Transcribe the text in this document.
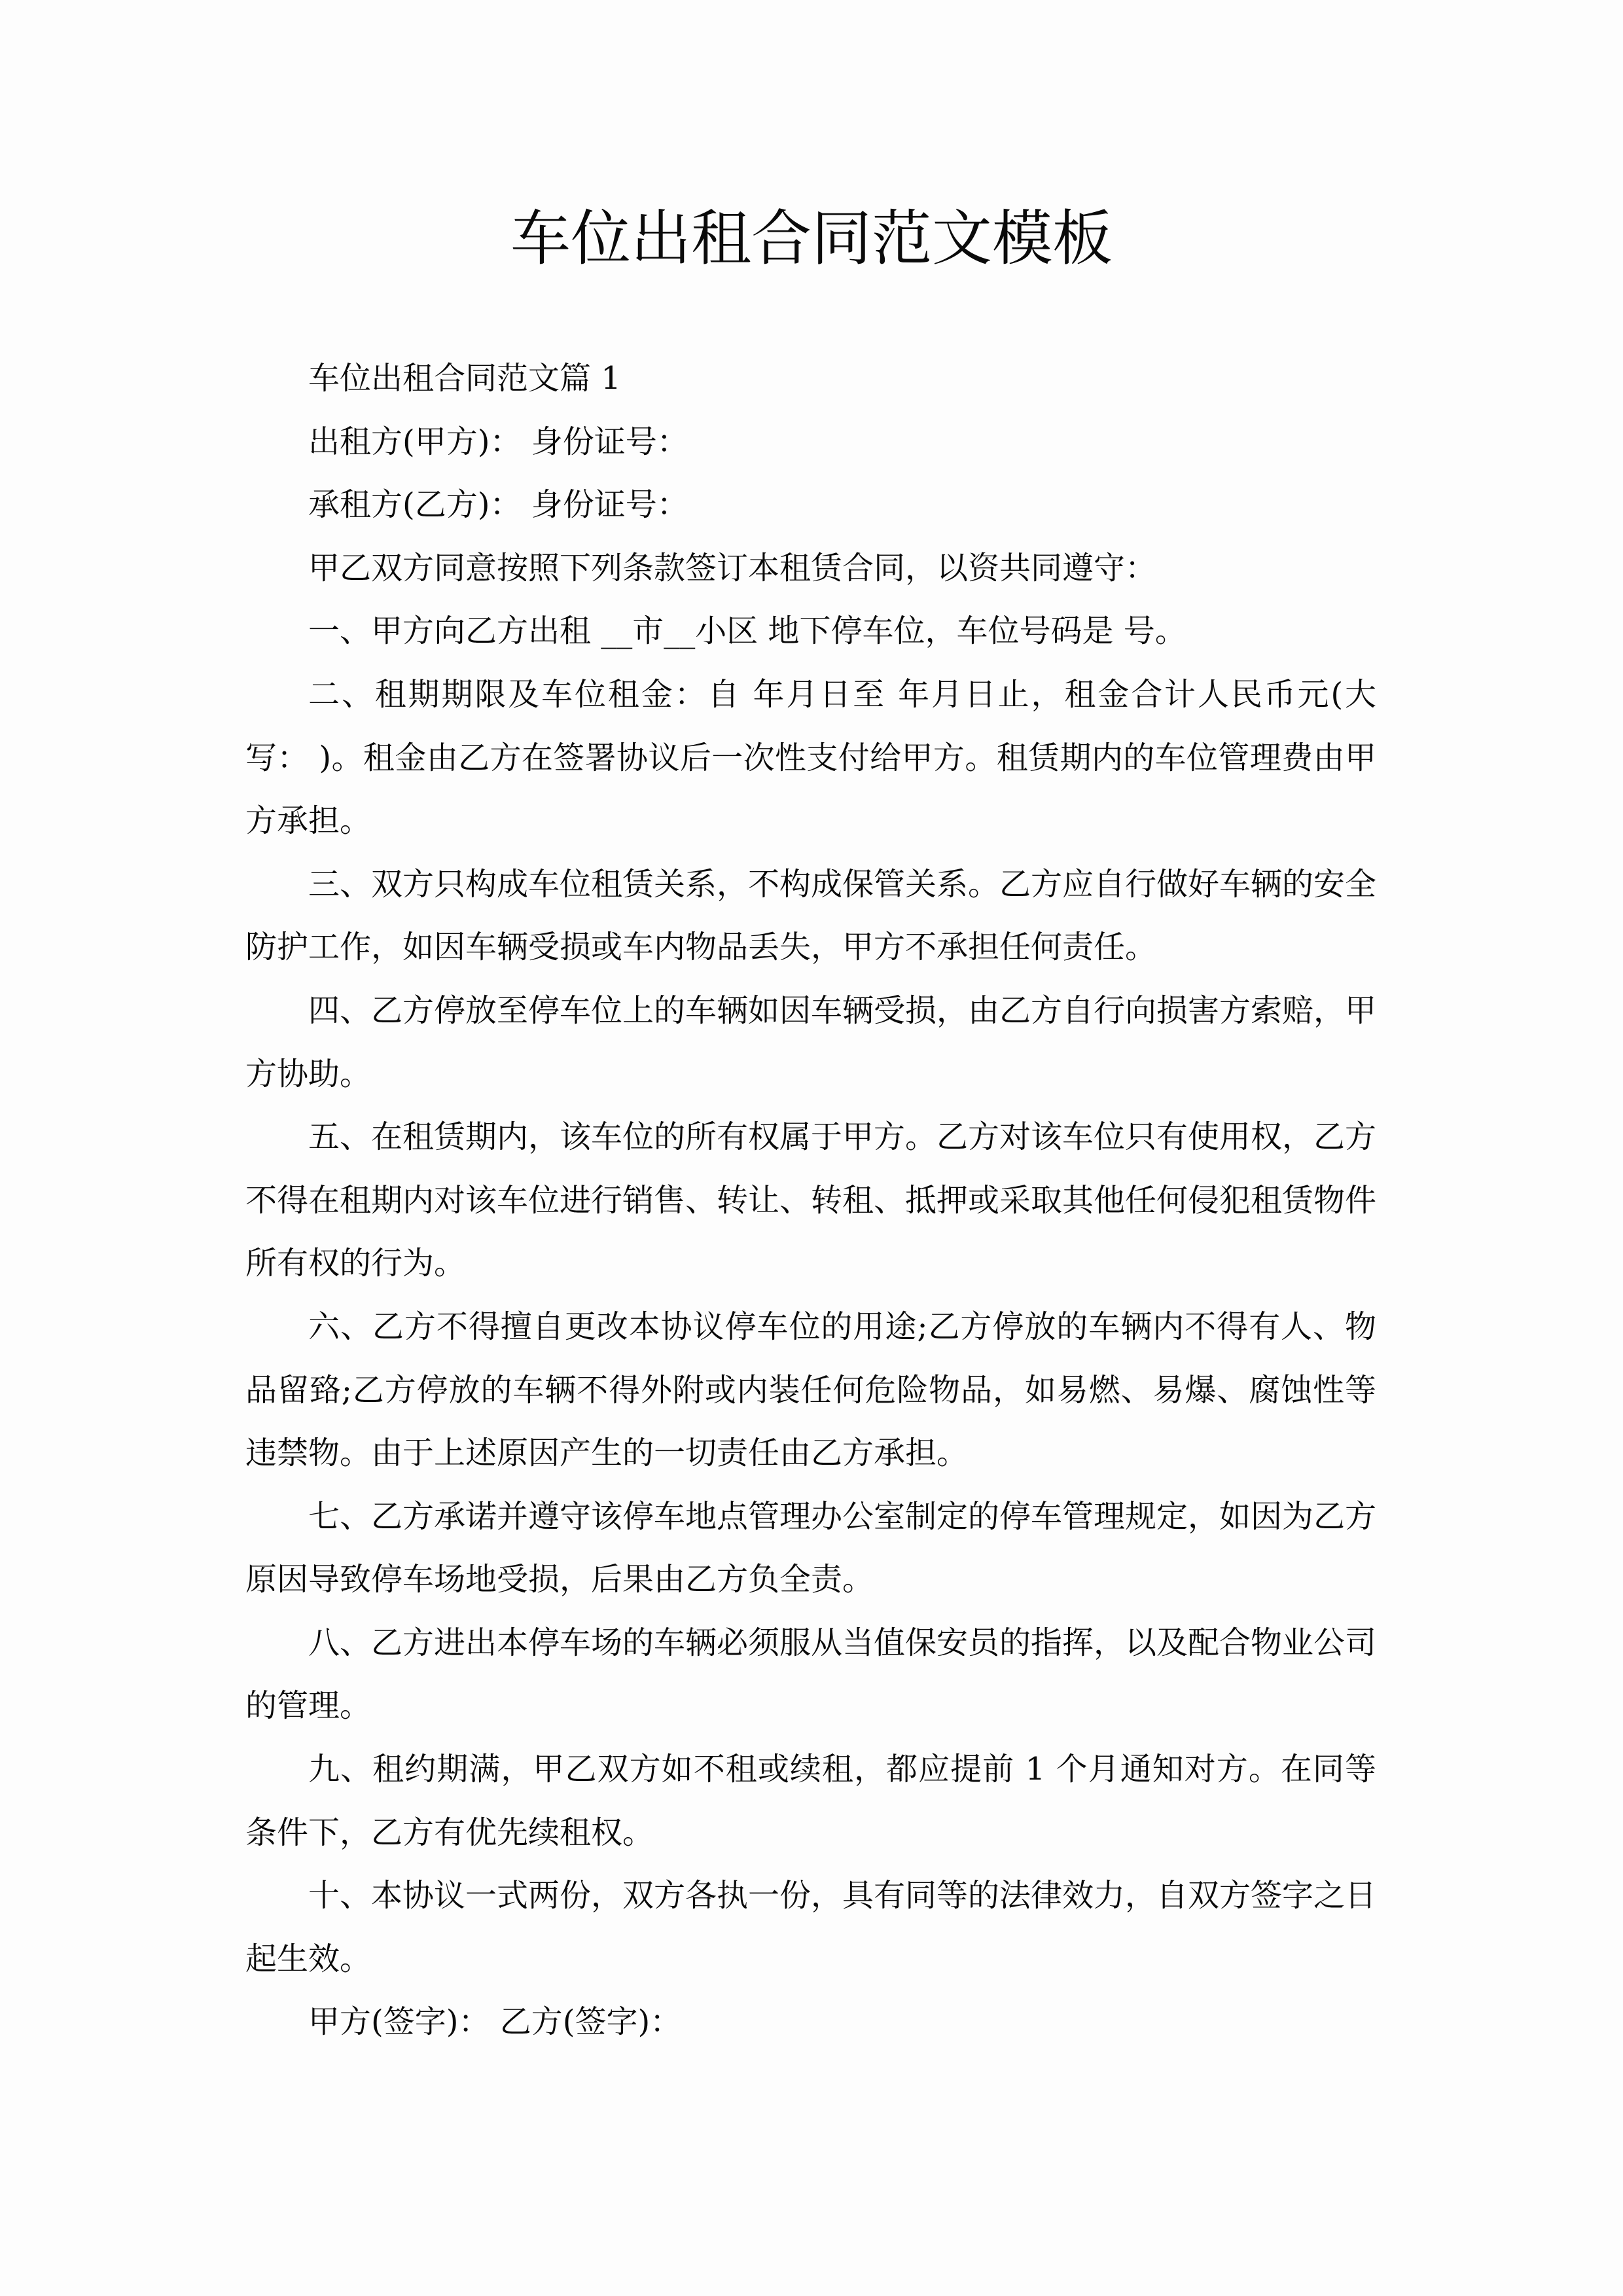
车位出租合同范文模板

车位出租合同范文篇 1

出租方(甲方)： 身份证号：

承租方(乙方)： 身份证号：

甲乙双方同意按照下列条款签订本租赁合同，以资共同遵守：

一、甲方向乙方出租 __市__小区 地下停车位，车位号码是 号。

二、租期期限及车位租金：自 年月日至 年月日止，租金合计人民币元(大写： )。租金由乙方在签署协议后一次性支付给甲方。租赁期内的车位管理费由甲方承担。

三、双方只构成车位租赁关系，不构成保管关系。乙方应自行做好车辆的安全防护工作，如因车辆受损或车内物品丢失，甲方不承担任何责任。

四、乙方停放至停车位上的车辆如因车辆受损，由乙方自行向损害方索赔，甲方协助。

五、在租赁期内，该车位的所有权属于甲方。乙方对该车位只有使用权，乙方不得在租期内对该车位进行销售、转让、转租、抵押或采取其他任何侵犯租赁物件所有权的行为。

六、乙方不得擅自更改本协议停车位的用途;乙方停放的车辆内不得有人、物品留臵;乙方停放的车辆不得外附或内装任何危险物品，如易燃、易爆、腐蚀性等违禁物。由于上述原因产生的一切责任由乙方承担。

七、乙方承诺并遵守该停车地点管理办公室制定的停车管理规定，如因为乙方原因导致停车场地受损，后果由乙方负全责。

八、乙方进出本停车场的车辆必须服从当值保安员的指挥，以及配合物业公司的管理。

九、租约期满，甲乙双方如不租或续租，都应提前 1 个月通知对方。在同等条件下，乙方有优先续租权。

十、本协议一式两份，双方各执一份，具有同等的法律效力，自双方签字之日起生效。

甲方(签字)： 乙方(签字)：
